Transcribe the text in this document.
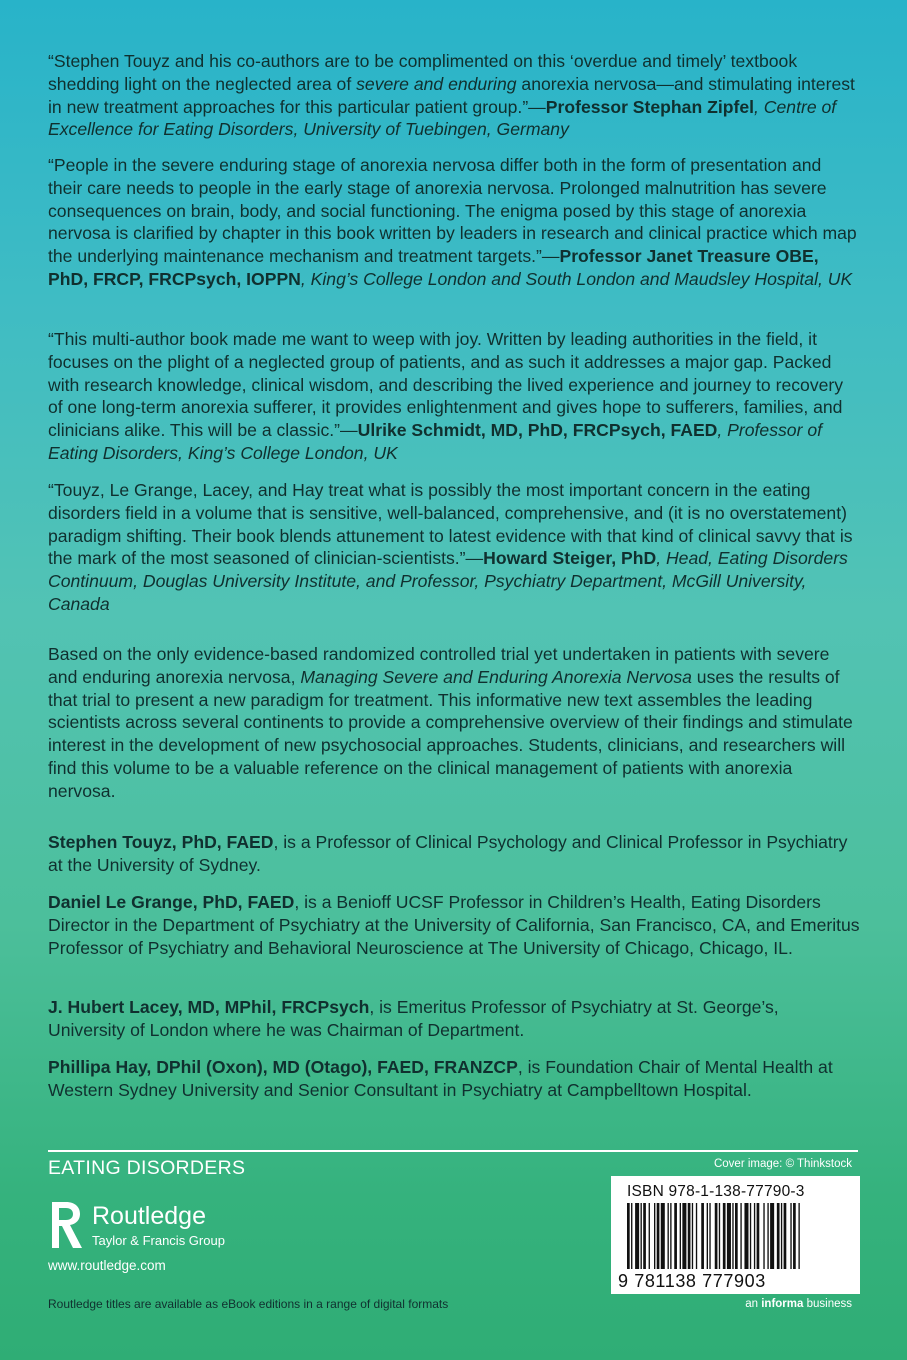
“Stephen Touyz and his co-authors are to be complimented on this ‘overdue and timely’ textbook shedding light on the neglected area of severe and enduring anorexia nervosa—and stimulating interest in new treatment approaches for this particular patient group.”—Professor Stephan Zipfel, Centre of Excellence for Eating Disorders, University of Tuebingen, Germany

“People in the severe enduring stage of anorexia nervosa differ both in the form of presentation and their care needs to people in the early stage of anorexia nervosa. Prolonged malnutrition has severe consequences on brain, body, and social functioning. The enigma posed by this stage of anorexia nervosa is clarified by chapter in this book written by leaders in research and clinical practice which map the underlying maintenance mechanism and treatment targets.”—Professor Janet Treasure OBE, PhD, FRCP, FRCPsych, IOPPN, King’s College London and South London and Maudsley Hospital, UK

“This multi-author book made me want to weep with joy. Written by leading authorities in the field, it focuses on the plight of a neglected group of patients, and as such it addresses a major gap. Packed with research knowledge, clinical wisdom, and describing the lived experience and journey to recovery of one long-term anorexia sufferer, it provides enlightenment and gives hope to sufferers, families, and clinicians alike. This will be a classic.”—Ulrike Schmidt, MD, PhD, FRCPsych, FAED, Professor of Eating Disorders, King’s College London, UK

“Touyz, Le Grange, Lacey, and Hay treat what is possibly the most important concern in the eating disorders field in a volume that is sensitive, well-balanced, comprehensive, and (it is no overstatement) paradigm shifting. Their book blends attunement to latest evidence with that kind of clinical savvy that is the mark of the most seasoned of clinician-scientists.”—Howard Steiger, PhD, Head, Eating Disorders Continuum, Douglas University Institute, and Professor, Psychiatry Department, McGill University, Canada

Based on the only evidence-based randomized controlled trial yet undertaken in patients with severe and enduring anorexia nervosa, Managing Severe and Enduring Anorexia Nervosa uses the results of that trial to present a new paradigm for treatment. This informative new text assembles the leading scientists across several continents to provide a comprehensive overview of their findings and stimulate interest in the development of new psychosocial approaches. Students, clinicians, and researchers will find this volume to be a valuable reference on the clinical management of patients with anorexia nervosa.

Stephen Touyz, PhD, FAED, is a Professor of Clinical Psychology and Clinical Professor in Psychiatry at the University of Sydney.

Daniel Le Grange, PhD, FAED, is a Benioff UCSF Professor in Children’s Health, Eating Disorders Director in the Department of Psychiatry at the University of California, San Francisco, CA, and Emeritus Professor of Psychiatry and Behavioral Neuroscience at The University of Chicago, Chicago, IL.

J. Hubert Lacey, MD, MPhil, FRCPsych, is Emeritus Professor of Psychiatry at St. George’s, University of London where he was Chairman of Department.

Phillipa Hay, DPhil (Oxon), MD (Otago), FAED, FRANZCP, is Foundation Chair of Mental Health at Western Sydney University and Senior Consultant in Psychiatry at Campbelltown Hospital.

EATING DISORDERS	Cover image: © Thinkstock
Routledge
Taylor & Francis Group
www.routledge.com
Routledge titles are available as eBook editions in a range of digital formats
ISBN 978-1-138-77790-3
9 781138 777903
an informa business
